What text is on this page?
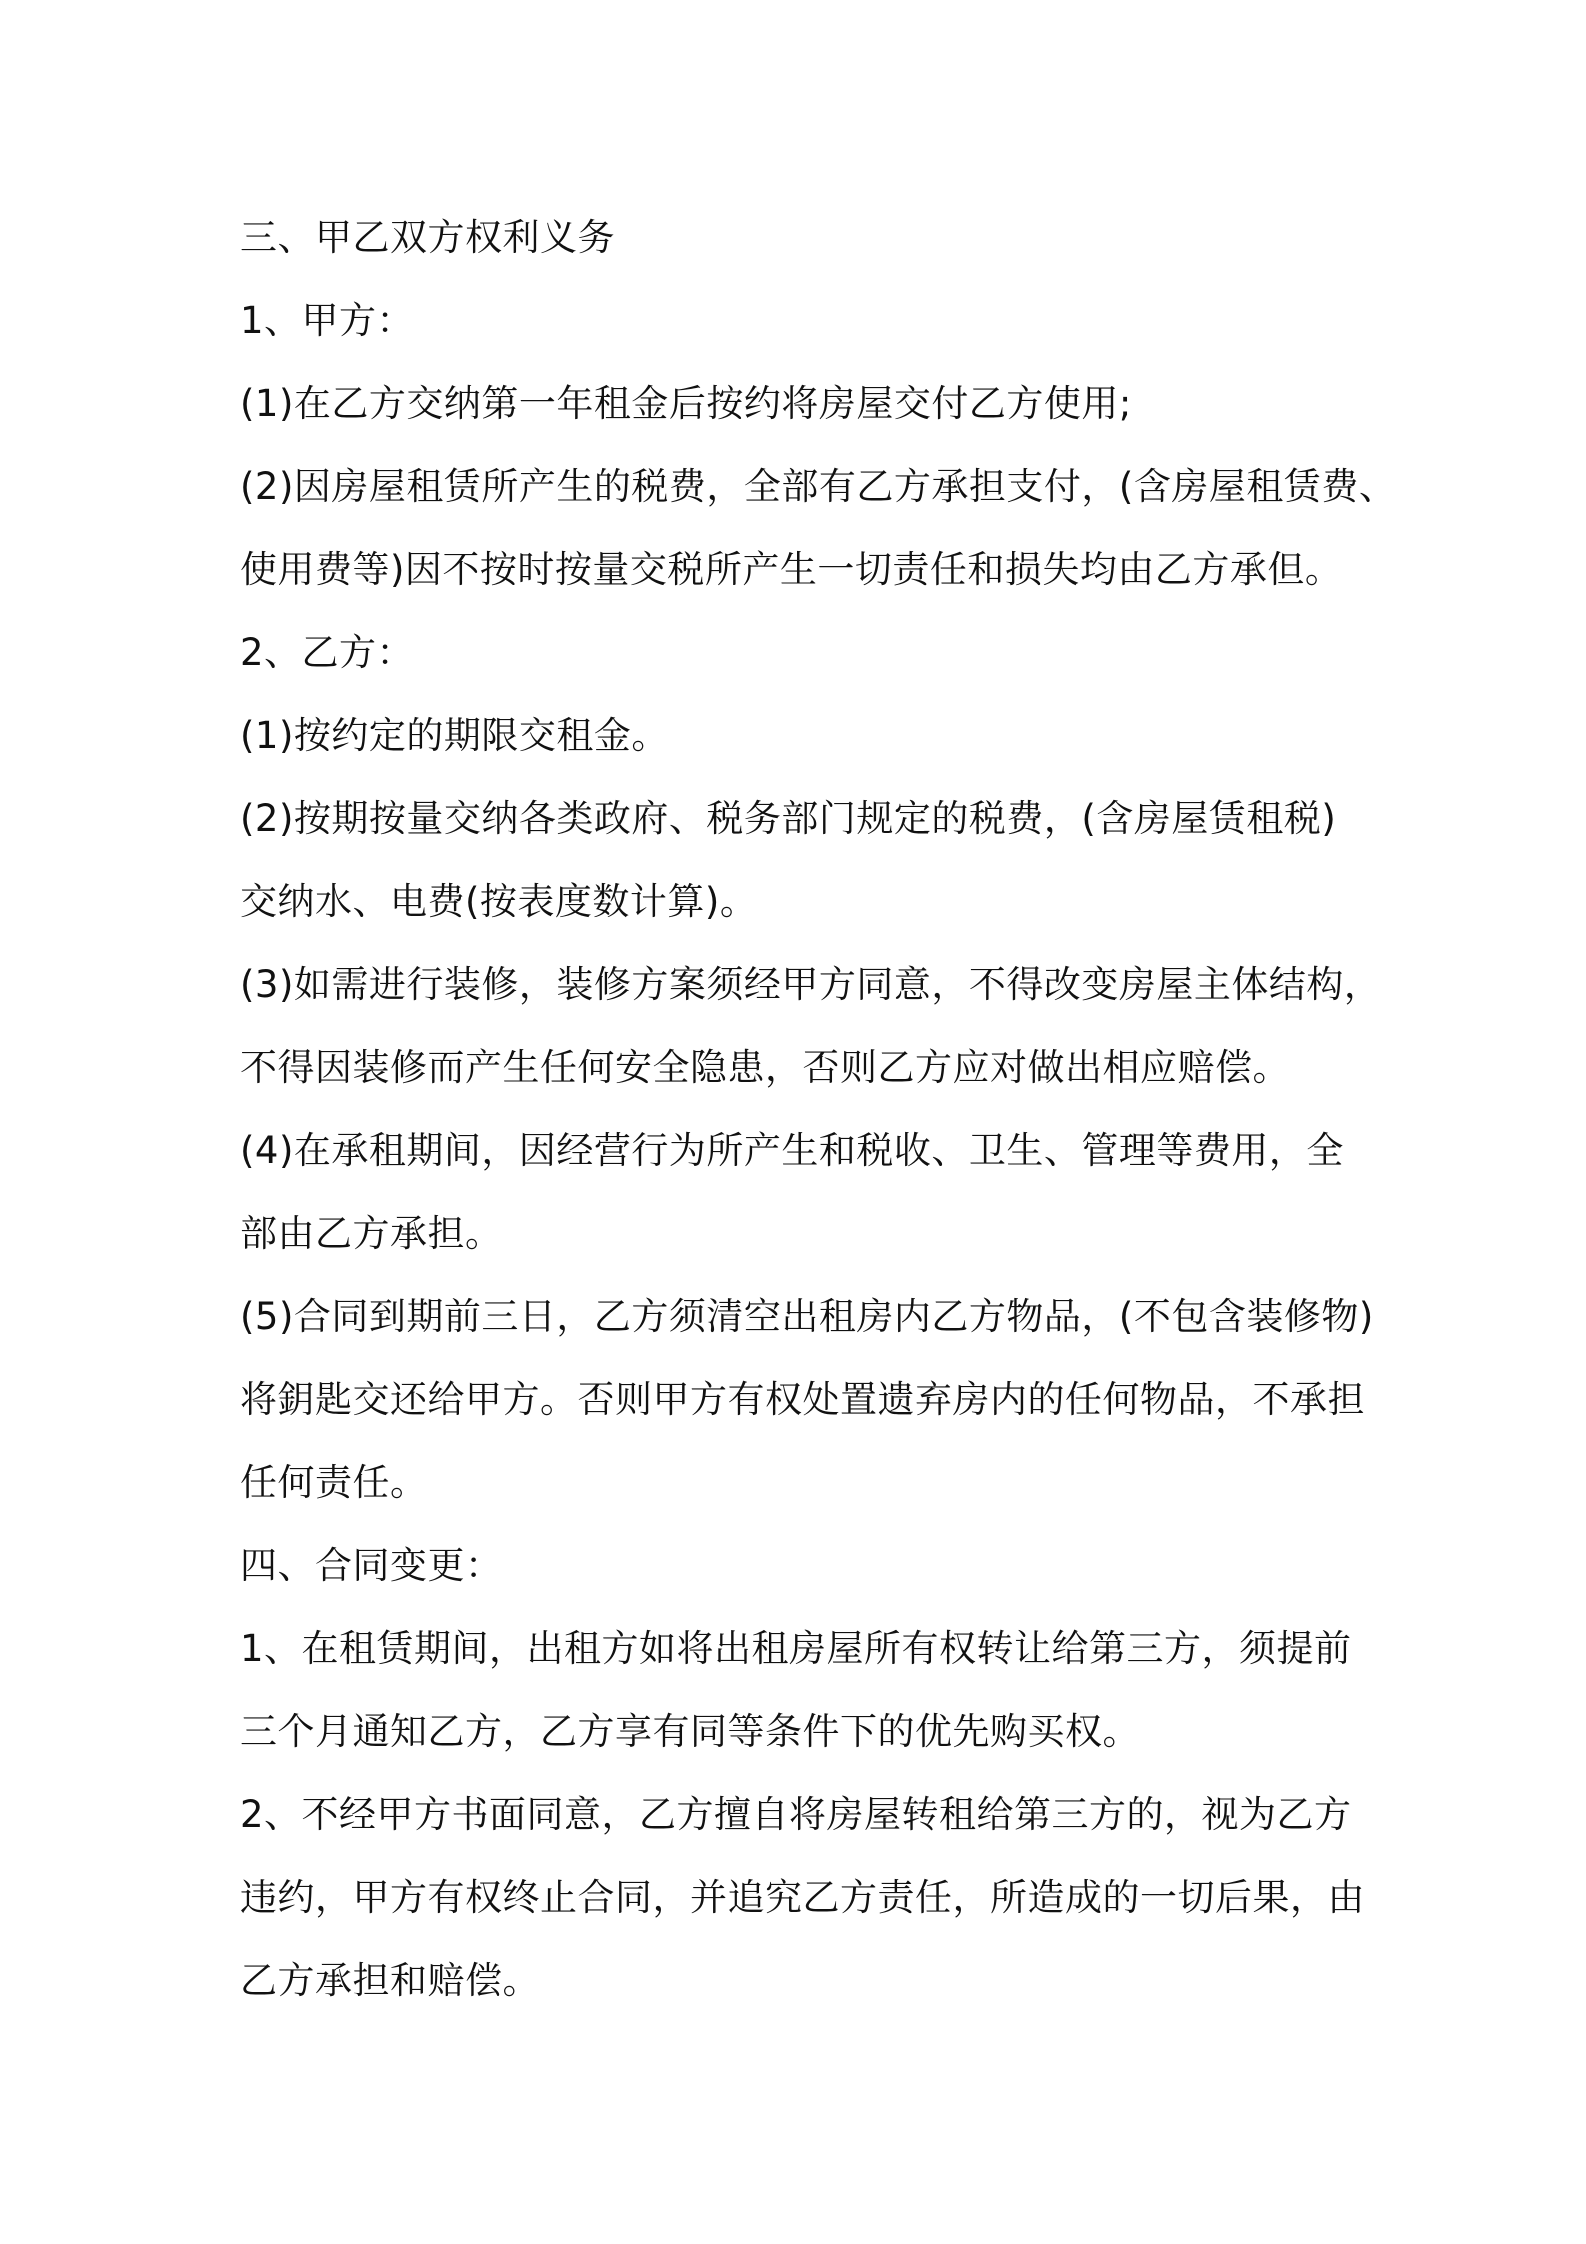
三、甲乙双方权利义务
1、甲方：
(1)在乙方交纳第一年租金后按约将房屋交付乙方使用;
(2)因房屋租赁所产生的税费，全部有乙方承担支付，(含房屋租赁费、
使用费等)因不按时按量交税所产生一切责任和损失均由乙方承但。
2、乙方：
(1)按约定的期限交租金。
(2)按期按量交纳各类政府、税务部门规定的税费，(含房屋赁租税)
交纳水、电费(按表度数计算)。
(3)如需进行装修，装修方案须经甲方同意，不得改变房屋主体结构，
不得因装修而产生任何安全隐患，否则乙方应对做出相应赔偿。
(4)在承租期间，因经营行为所产生和税收、卫生、管理等费用，全
部由乙方承担。
(5)合同到期前三日，乙方须清空出租房内乙方物品，(不包含装修物)
将鈅匙交还给甲方。否则甲方有权处置遗弃房内的任何物品，不承担
任何责任。
四、合同变更：
1、在租赁期间，出租方如将出租房屋所有权转让给第三方，须提前
三个月通知乙方，乙方享有同等条件下的优先购买权。
2、不经甲方书面同意，乙方擅自将房屋转租给第三方的，视为乙方
违约，甲方有权终止合同，并追究乙方责任，所造成的一切后果，由
乙方承担和赔偿。
